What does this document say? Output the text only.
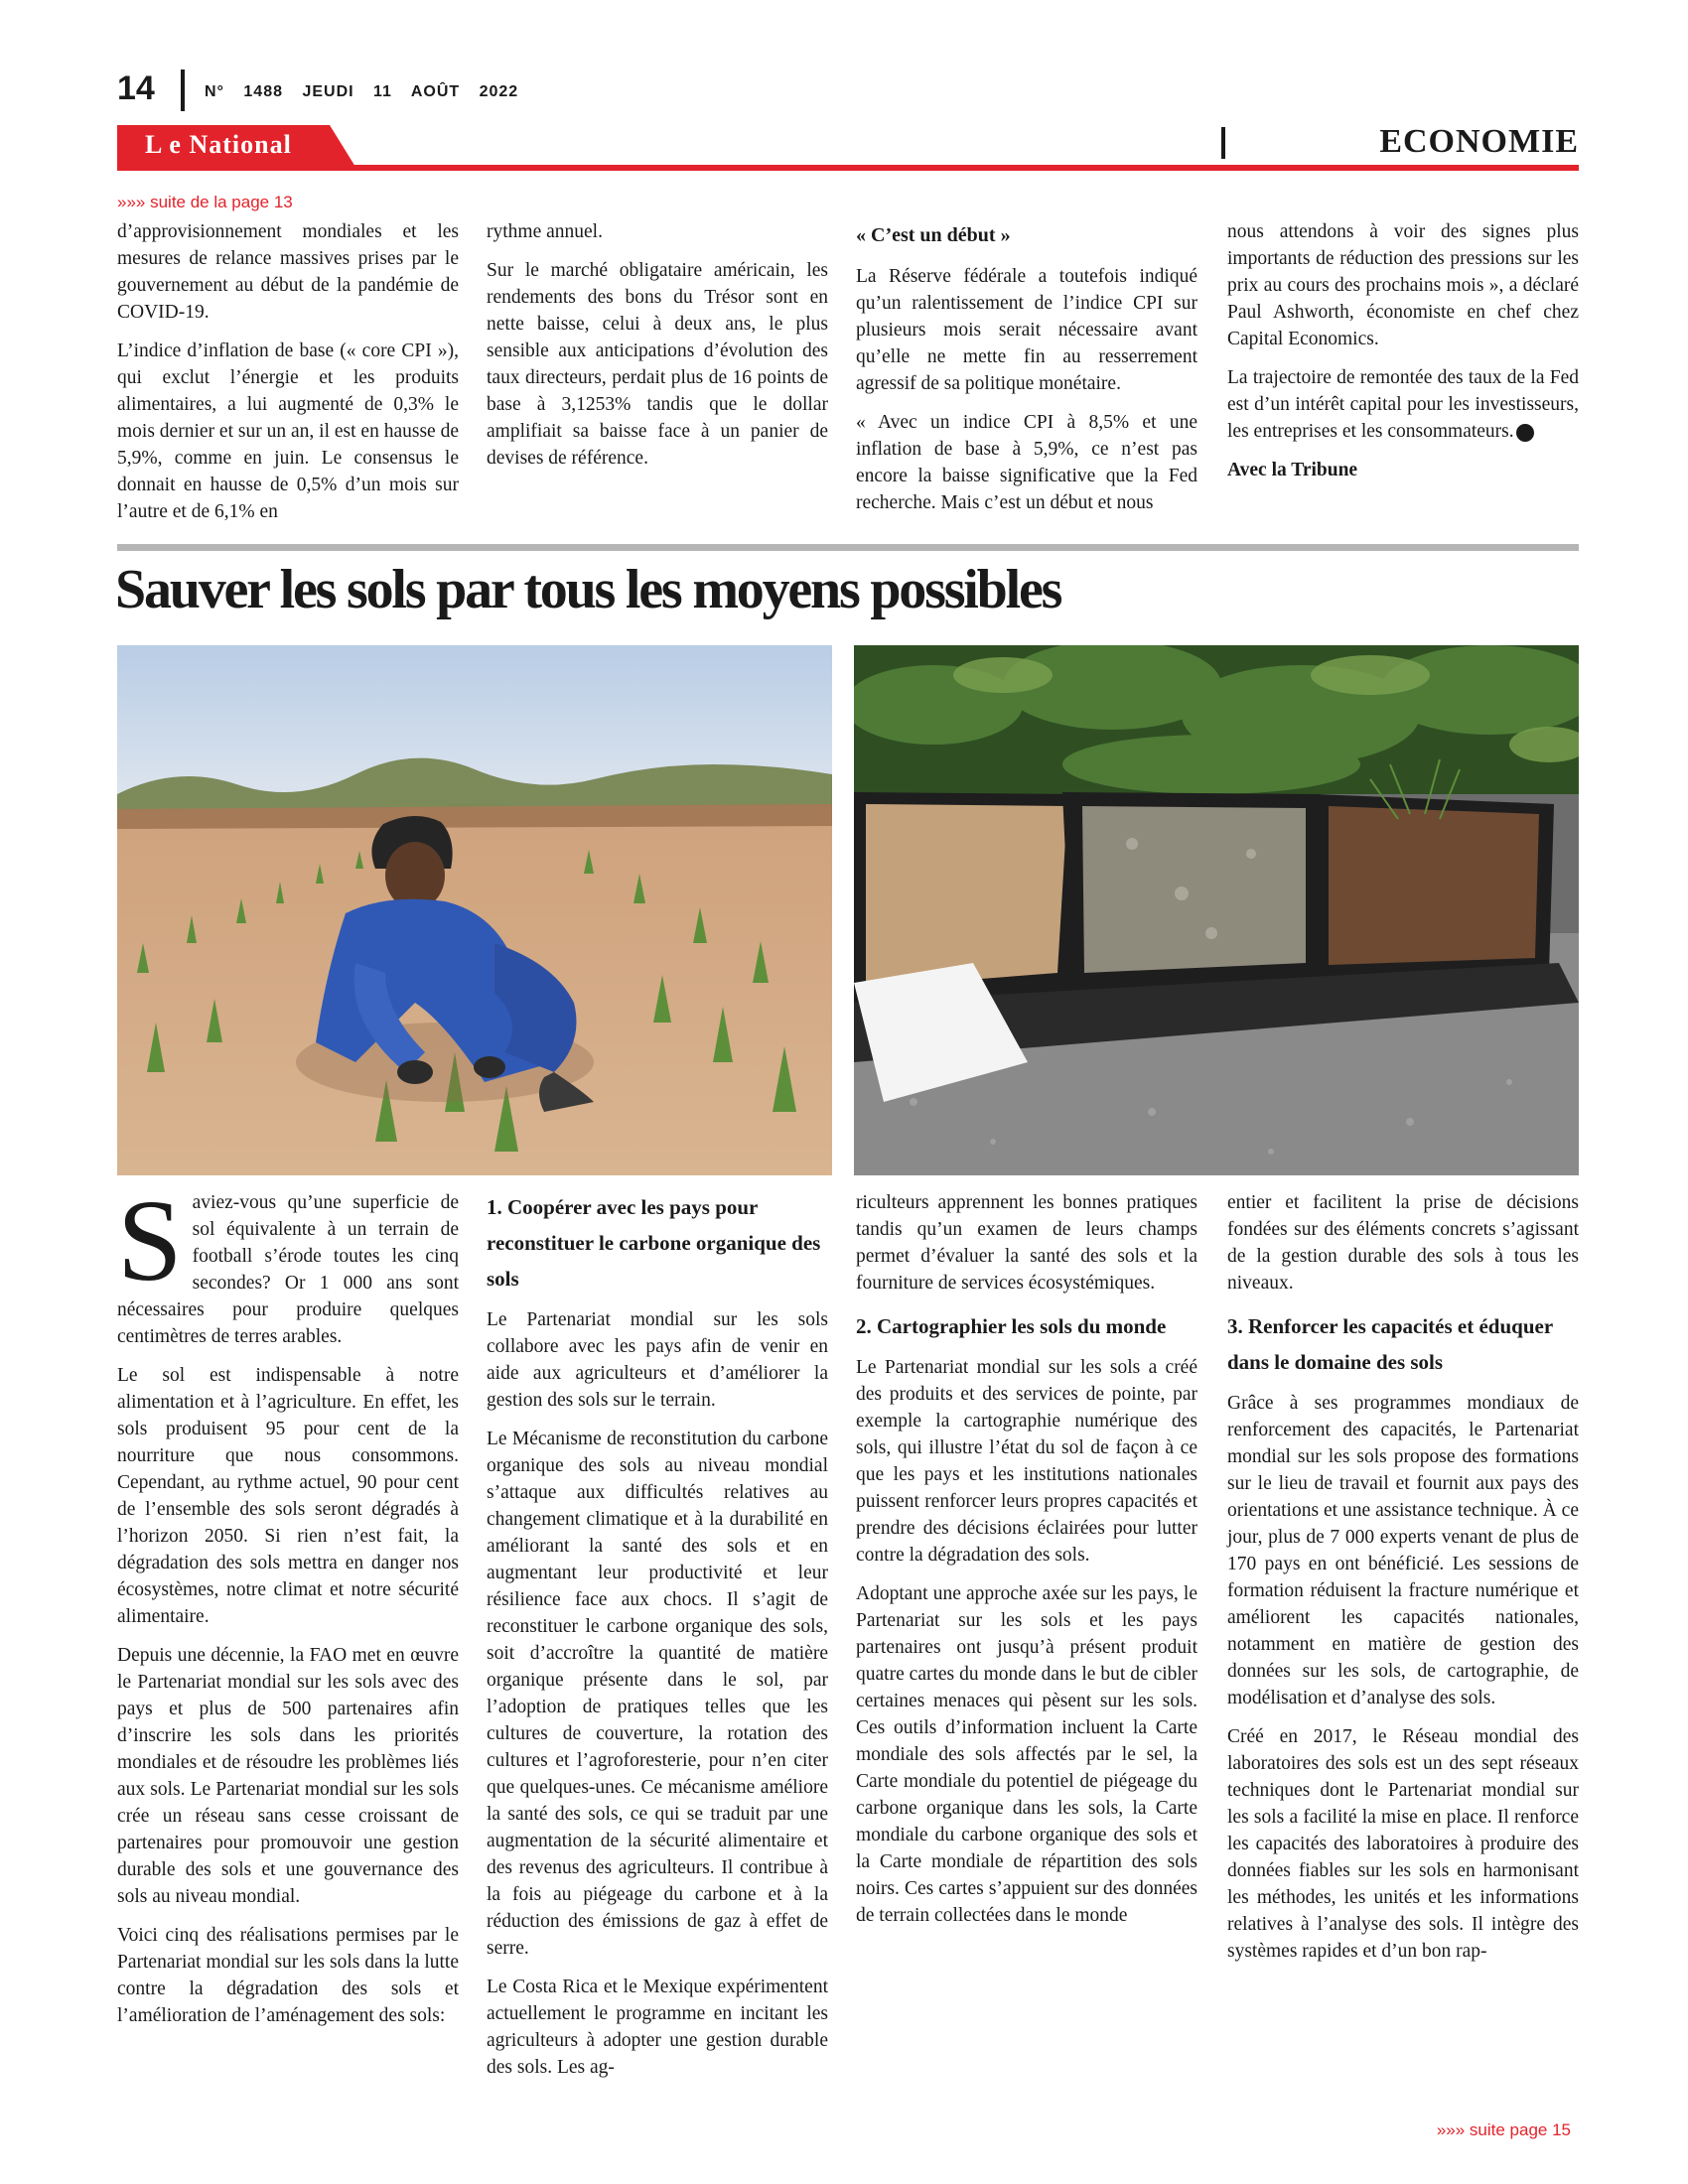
14	N° 1488 JEUDI 11 AOÛT 2022
L e National	ECONOMIE
»»» suite de la page 13

d’approvisionnement mondiales et les mesures de relance massives prises par le gouvernement au début de la pandémie de COVID-19.

L’indice d’inflation de base (« core CPI »), qui exclut l’énergie et les produits alimentaires, a lui augmenté de 0,3% le mois dernier et sur un an, il est en hausse de 5,9%, comme en juin. Le consensus le donnait en hausse de 0,5% d’un mois sur l’autre et de 6,1% en

rythme annuel.

Sur le marché obligataire américain, les rendements des bons du Trésor sont en nette baisse, celui à deux ans, le plus sensible aux anticipations d’évolution des taux directeurs, perdait plus de 16 points de base à 3,1253% tandis que le dollar amplifiait sa baisse face à un panier de devises de référence.

« C’est un début »

La Réserve fédérale a toutefois indiqué qu’un ralentissement de l’indice CPI sur plusieurs mois serait nécessaire avant qu’elle ne mette fin au resserrement agressif de sa politique monétaire.

« Avec un indice CPI à 8,5% et une inflation de base à 5,9%, ce n’est pas encore la baisse significative que la Fed recherche. Mais c’est un début et nous

nous attendons à voir des signes plus importants de réduction des pressions sur les prix au cours des prochains mois », a déclaré Paul Ashworth, économiste en chef chez Capital Economics.

La trajectoire de remontée des taux de la Fed est d’un intérêt capital pour les investisseurs, les entreprises et les consommateurs.

Avec la Tribune

Sauver les sols par tous les moyens possibles

Saviez-vous qu’une superficie de sol équivalente à un terrain de football s’érode toutes les cinq secondes? Or 1 000 ans sont nécessaires pour produire quelques centimètres de terres arables.

Le sol est indispensable à notre alimentation et à l’agriculture. En effet, les sols produisent 95 pour cent de la nourriture que nous consommons. Cependant, au rythme actuel, 90 pour cent de l’ensemble des sols seront dégradés à l’horizon 2050. Si rien n’est fait, la dégradation des sols mettra en danger nos écosystèmes, notre climat et notre sécurité alimentaire.

Depuis une décennie, la FAO met en œuvre le Partenariat mondial sur les sols avec des pays et plus de 500 partenaires afin d’inscrire les sols dans les priorités mondiales et de résoudre les problèmes liés aux sols. Le Partenariat mondial sur les sols crée un réseau sans cesse croissant de partenaires pour promouvoir une gestion durable des sols et une gouvernance des sols au niveau mondial.

Voici cinq des réalisations permises par le Partenariat mondial sur les sols dans la lutte contre la dégradation des sols et l’amélioration de l’aménagement des sols:

1. Coopérer avec les pays pour reconstituer le carbone organique des sols

Le Partenariat mondial sur les sols collabore avec les pays afin de venir en aide aux agriculteurs et d’améliorer la gestion des sols sur le terrain.

Le Mécanisme de reconstitution du carbone organique des sols au niveau mondial s’attaque aux difficultés relatives au changement climatique et à la durabilité en améliorant la santé des sols et en augmentant leur productivité et leur résilience face aux chocs. Il s’agit de reconstituer le carbone organique des sols, soit d’accroître la quantité de matière organique présente dans le sol, par l’adoption de pratiques telles que les cultures de couverture, la rotation des cultures et l’agroforesterie, pour n’en citer que quelques-unes. Ce mécanisme améliore la santé des sols, ce qui se traduit par une augmentation de la sécurité alimentaire et des revenus des agriculteurs. Il contribue à la fois au piégeage du carbone et à la réduction des émissions de gaz à effet de serre.

Le Costa Rica et le Mexique expérimentent actuellement le programme en incitant les agriculteurs à adopter une gestion durable des sols. Les ag-

riculteurs apprennent les bonnes pratiques tandis qu’un examen de leurs champs permet d’évaluer la santé des sols et la fourniture de services écosystémiques.

2. Cartographier les sols du monde

Le Partenariat mondial sur les sols a créé des produits et des services de pointe, par exemple la cartographie numérique des sols, qui illustre l’état du sol de façon à ce que les pays et les institutions nationales puissent renforcer leurs propres capacités et prendre des décisions éclairées pour lutter contre la dégradation des sols.

Adoptant une approche axée sur les pays, le Partenariat sur les sols et les pays partenaires ont jusqu’à présent produit quatre cartes du monde dans le but de cibler certaines menaces qui pèsent sur les sols. Ces outils d’information incluent la Carte mondiale des sols affectés par le sel, la Carte mondiale du potentiel de piégeage du carbone organique dans les sols, la Carte mondiale du carbone organique des sols et la Carte mondiale de répartition des sols noirs. Ces cartes s’appuient sur des données de terrain collectées dans le monde

entier et facilitent la prise de décisions fondées sur des éléments concrets s’agissant de la gestion durable des sols à tous les niveaux.

3. Renforcer les capacités et éduquer dans le domaine des sols

Grâce à ses programmes mondiaux de renforcement des capacités, le Partenariat mondial sur les sols propose des formations sur le lieu de travail et fournit aux pays des orientations et une assistance technique. À ce jour, plus de 7 000 experts venant de plus de 170 pays en ont bénéficié. Les sessions de formation réduisent la fracture numérique et améliorent les capacités nationales, notamment en matière de gestion des données sur les sols, de cartographie, de modélisation et d’analyse des sols.

Créé en 2017, le Réseau mondial des laboratoires des sols est un des sept réseaux techniques dont le Partenariat mondial sur les sols a facilité la mise en place. Il renforce les capacités des laboratoires à produire des données fiables sur les sols en harmonisant les méthodes, les unités et les informations relatives à l’analyse des sols. Il intègre des systèmes rapides et d’un bon rap-

»»» suite page 15
